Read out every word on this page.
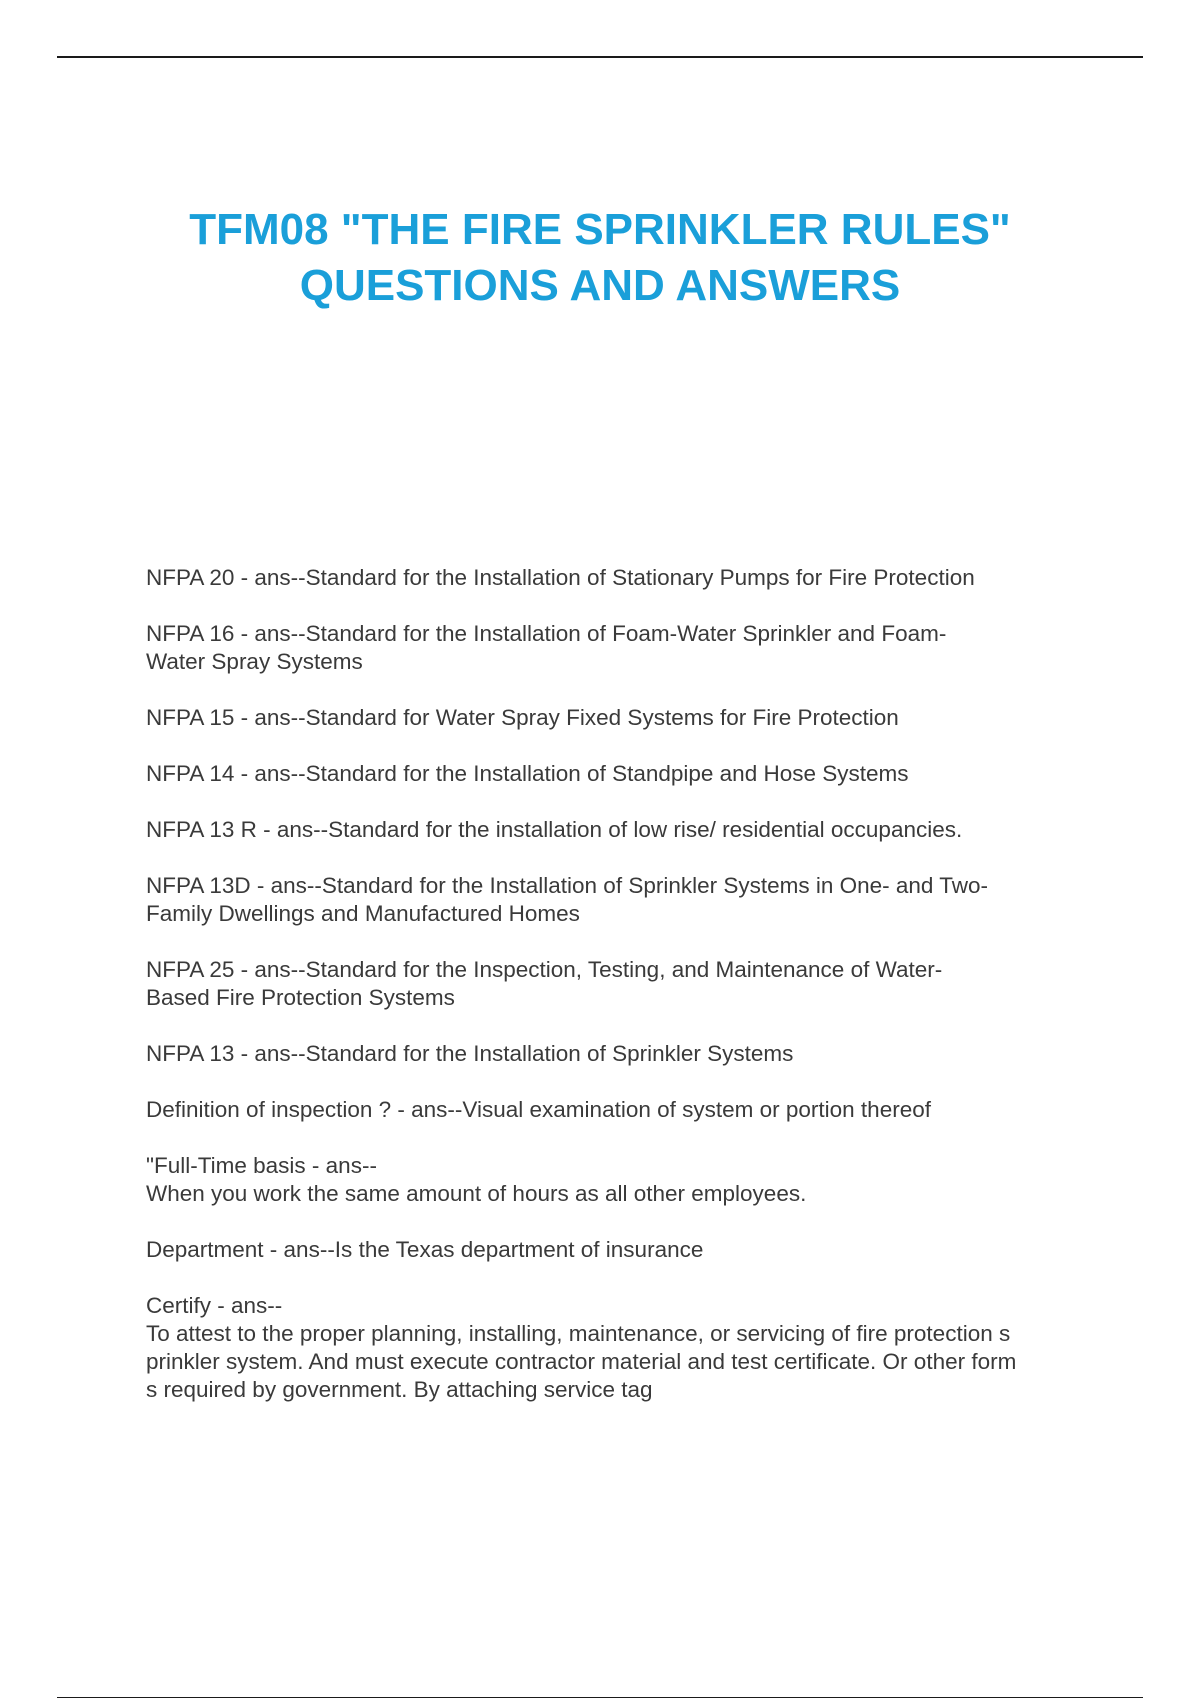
TFM08 "THE FIRE SPRINKLER RULES"
QUESTIONS AND ANSWERS
NFPA 20 - ans--Standard for the Installation of Stationary Pumps for Fire Protection
NFPA 16 - ans--Standard for the Installation of Foam-Water Sprinkler and Foam-
Water Spray Systems
NFPA 15 - ans--Standard for Water Spray Fixed Systems for Fire Protection
NFPA 14 - ans--Standard for the Installation of Standpipe and Hose Systems
NFPA 13 R - ans--Standard for the installation of low rise/ residential occupancies.
NFPA 13D - ans--Standard for the Installation of Sprinkler Systems in One- and Two-
Family Dwellings and Manufactured Homes
NFPA 25 - ans--Standard for the Inspection, Testing, and Maintenance of Water-
Based Fire Protection Systems
NFPA 13 - ans--Standard for the Installation of Sprinkler Systems
Definition of inspection ? - ans--Visual examination of system or portion thereof
"Full-Time basis - ans--
When you work the same amount of hours as all other employees.
Department - ans--Is the Texas department of insurance
Certify - ans--
To attest to the proper planning, installing, maintenance, or servicing of fire protection s
prinkler system. And must execute contractor material and test certificate. Or other form
s required by government. By attaching service tag
